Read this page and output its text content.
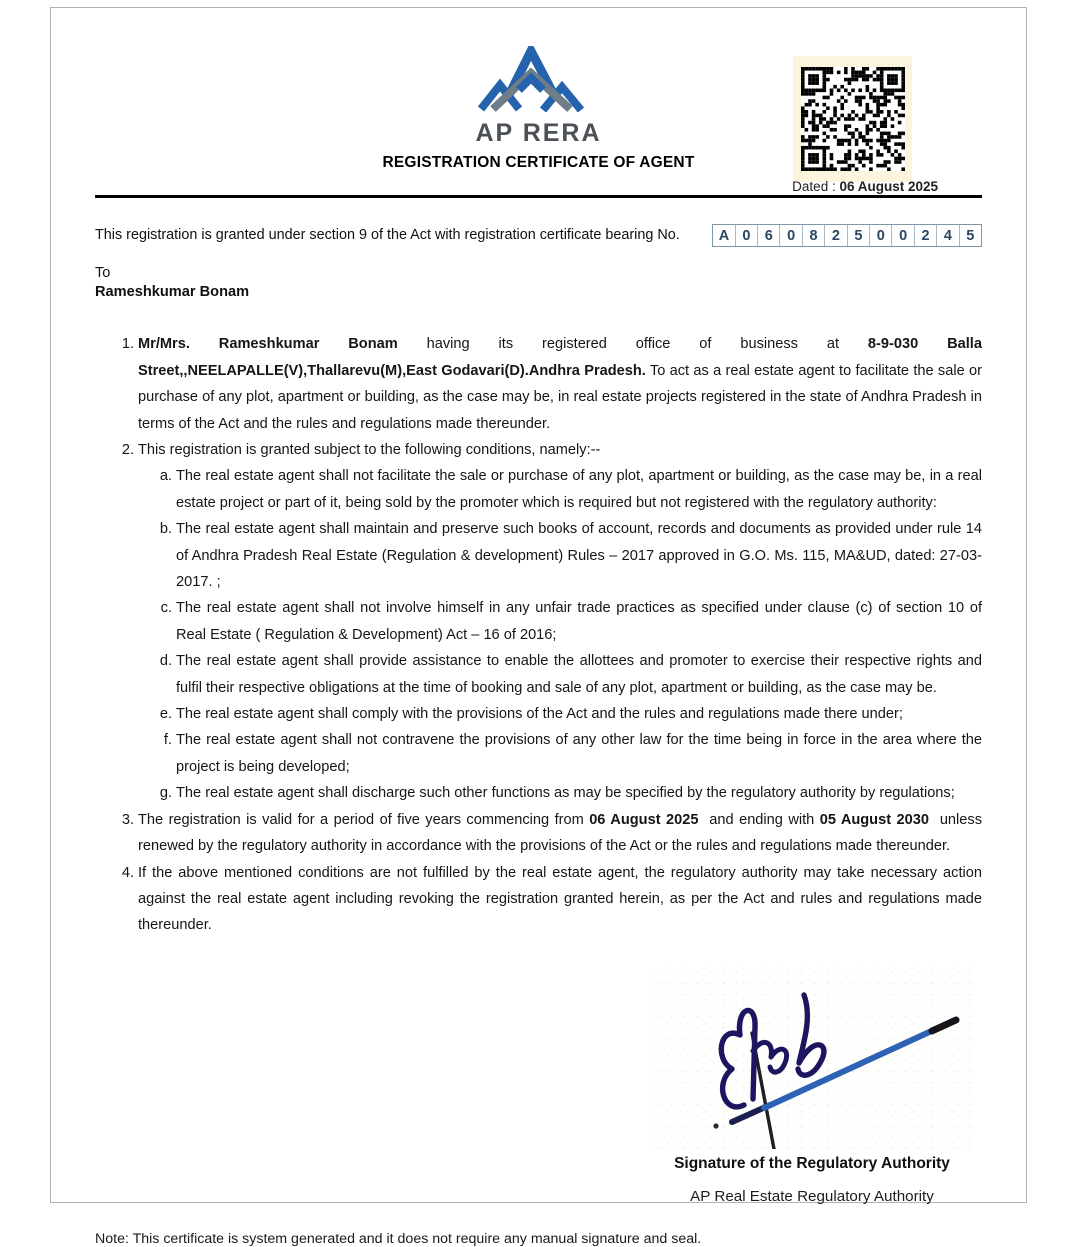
AP RERA
REGISTRATION CERTIFICATE OF AGENT
Dated : 06 August 2025
This registration is granted under section 9 of the Act with registration certificate bearing No.	A 0 6 0 8 2 5 0 0 2 4 5
To
Rameshkumar Bonam
1. Mr/Mrs. Rameshkumar Bonam having its registered office of business at 8-9-030 Balla Street,,NEELAPALLE(V),Thallarevu(M),East Godavari(D).Andhra Pradesh. To act as a real estate agent to facilitate the sale or purchase of any plot, apartment or building, as the case may be, in real estate projects registered in the state of Andhra Pradesh in terms of the Act and the rules and regulations made thereunder.
2. This registration is granted subject to the following conditions, namely:--
a. The real estate agent shall not facilitate the sale or purchase of any plot, apartment or building, as the case may be, in a real estate project or part of it, being sold by the promoter which is required but not registered with the regulatory authority:
b. The real estate agent shall maintain and preserve such books of account, records and documents as provided under rule 14 of Andhra Pradesh Real Estate (Regulation & development) Rules – 2017 approved in G.O. Ms. 115, MA&UD, dated: 27-03-2017. ;
c. The real estate agent shall not involve himself in any unfair trade practices as specified under clause (c) of section 10 of Real Estate ( Regulation & Development) Act – 16 of 2016;
d. The real estate agent shall provide assistance to enable the allottees and promoter to exercise their respective rights and fulfil their respective obligations at the time of booking and sale of any plot, apartment or building, as the case may be.
e. The real estate agent shall comply with the provisions of the Act and the rules and regulations made there under;
f. The real estate agent shall not contravene the provisions of any other law for the time being in force in the area where the project is being developed;
g. The real estate agent shall discharge such other functions as may be specified by the regulatory authority by regulations;
3. The registration is valid for a period of five years commencing from 06 August 2025  and ending with 05 August 2030  unless renewed by the regulatory authority in accordance with the provisions of the Act or the rules and regulations made thereunder.
4. If the above mentioned conditions are not fulfilled by the real estate agent, the regulatory authority may take necessary action against the real estate agent including revoking the registration granted herein, as per the Act and rules and regulations made thereunder.
Signature of the Regulatory Authority
AP Real Estate Regulatory Authority
Note: This certificate is system generated and it does not require any manual signature and seal.
